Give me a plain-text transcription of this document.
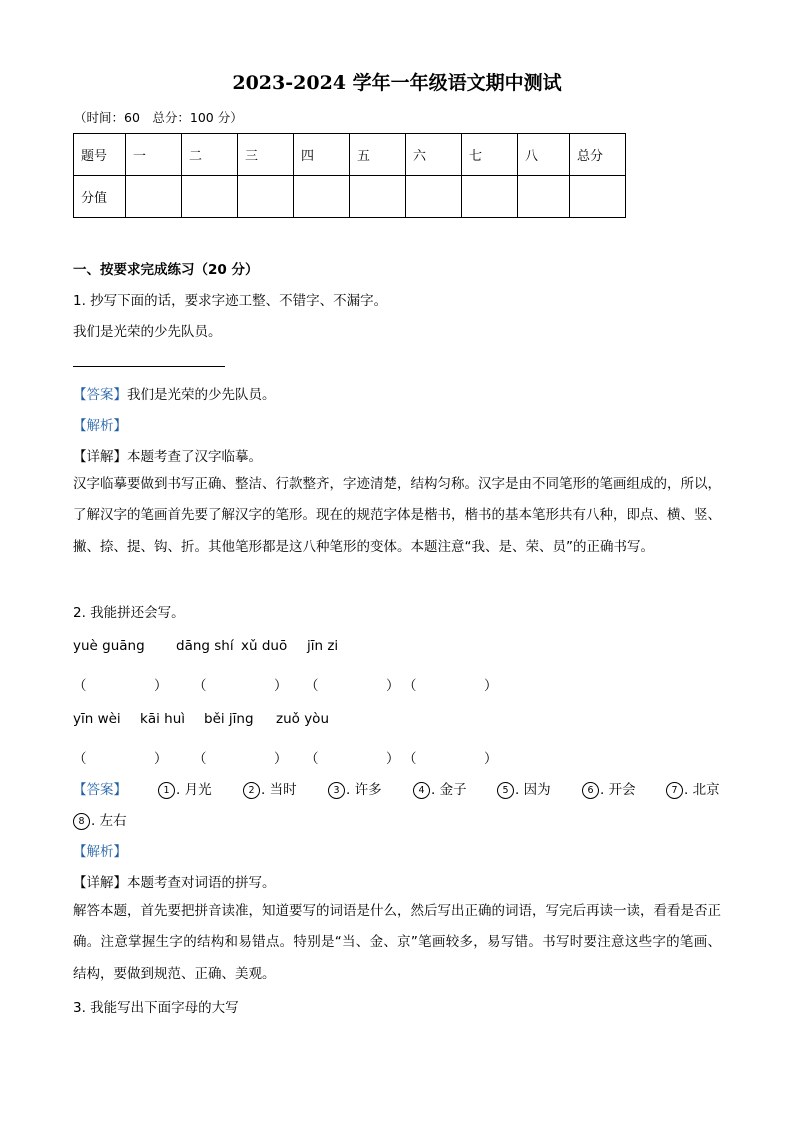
2023-2024 学年一年级语文期中测试
（时间：60　总分：100 分）
题号	一	二	三	四	五	六	七	八	总分
分值									
一、按要求完成练习（20 分）
1. 抄写下面的话，要求字迹工整、不错字、不漏字。
我们是光荣的少先队员。
【答案】我们是光荣的少先队员。
【解析】
【详解】本题考查了汉字临摹。
汉字临摹要做到书写正确、整洁、行款整齐，字迹清楚，结构匀称。汉字是由不同笔形的笔画组成的，所以，了解汉字的笔画首先要了解汉字的笔形。现在的规范字体是楷书，楷书的基本笔形共有八种，即点、横、竖、撇、捺、提、钩、折。其他笔形都是这八种笔形的变体。本题注意“我、是、荣、员”的正确书写。
2. 我能拼还会写。
yuè guāng dāng shí xǔ duō jīn zi
（　　　　　） （　　　　　） （　　　　　） （　　　　　）
yīn wèi kāi huì běi jīng zuǒ yòu
（　　　　　） （　　　　　） （　　　　　） （　　　　　）
【答案】	1 . 月光	2 . 当时	3 . 许多	4 . 金子	5 . 因为	6 . 开会	7 . 北京
8 . 左右
【解析】
【详解】本题考查对词语的拼写。
解答本题，首先要把拼音读准，知道要写的词语是什么，然后写出正确的词语，写完后再读一读，看看是否正确。注意掌握生字的结构和易错点。特别是“当、金、京”笔画较多，易写错。书写时要注意这些字的笔画、结构，要做到规范、正确、美观。
3. 我能写出下面字母的大写
